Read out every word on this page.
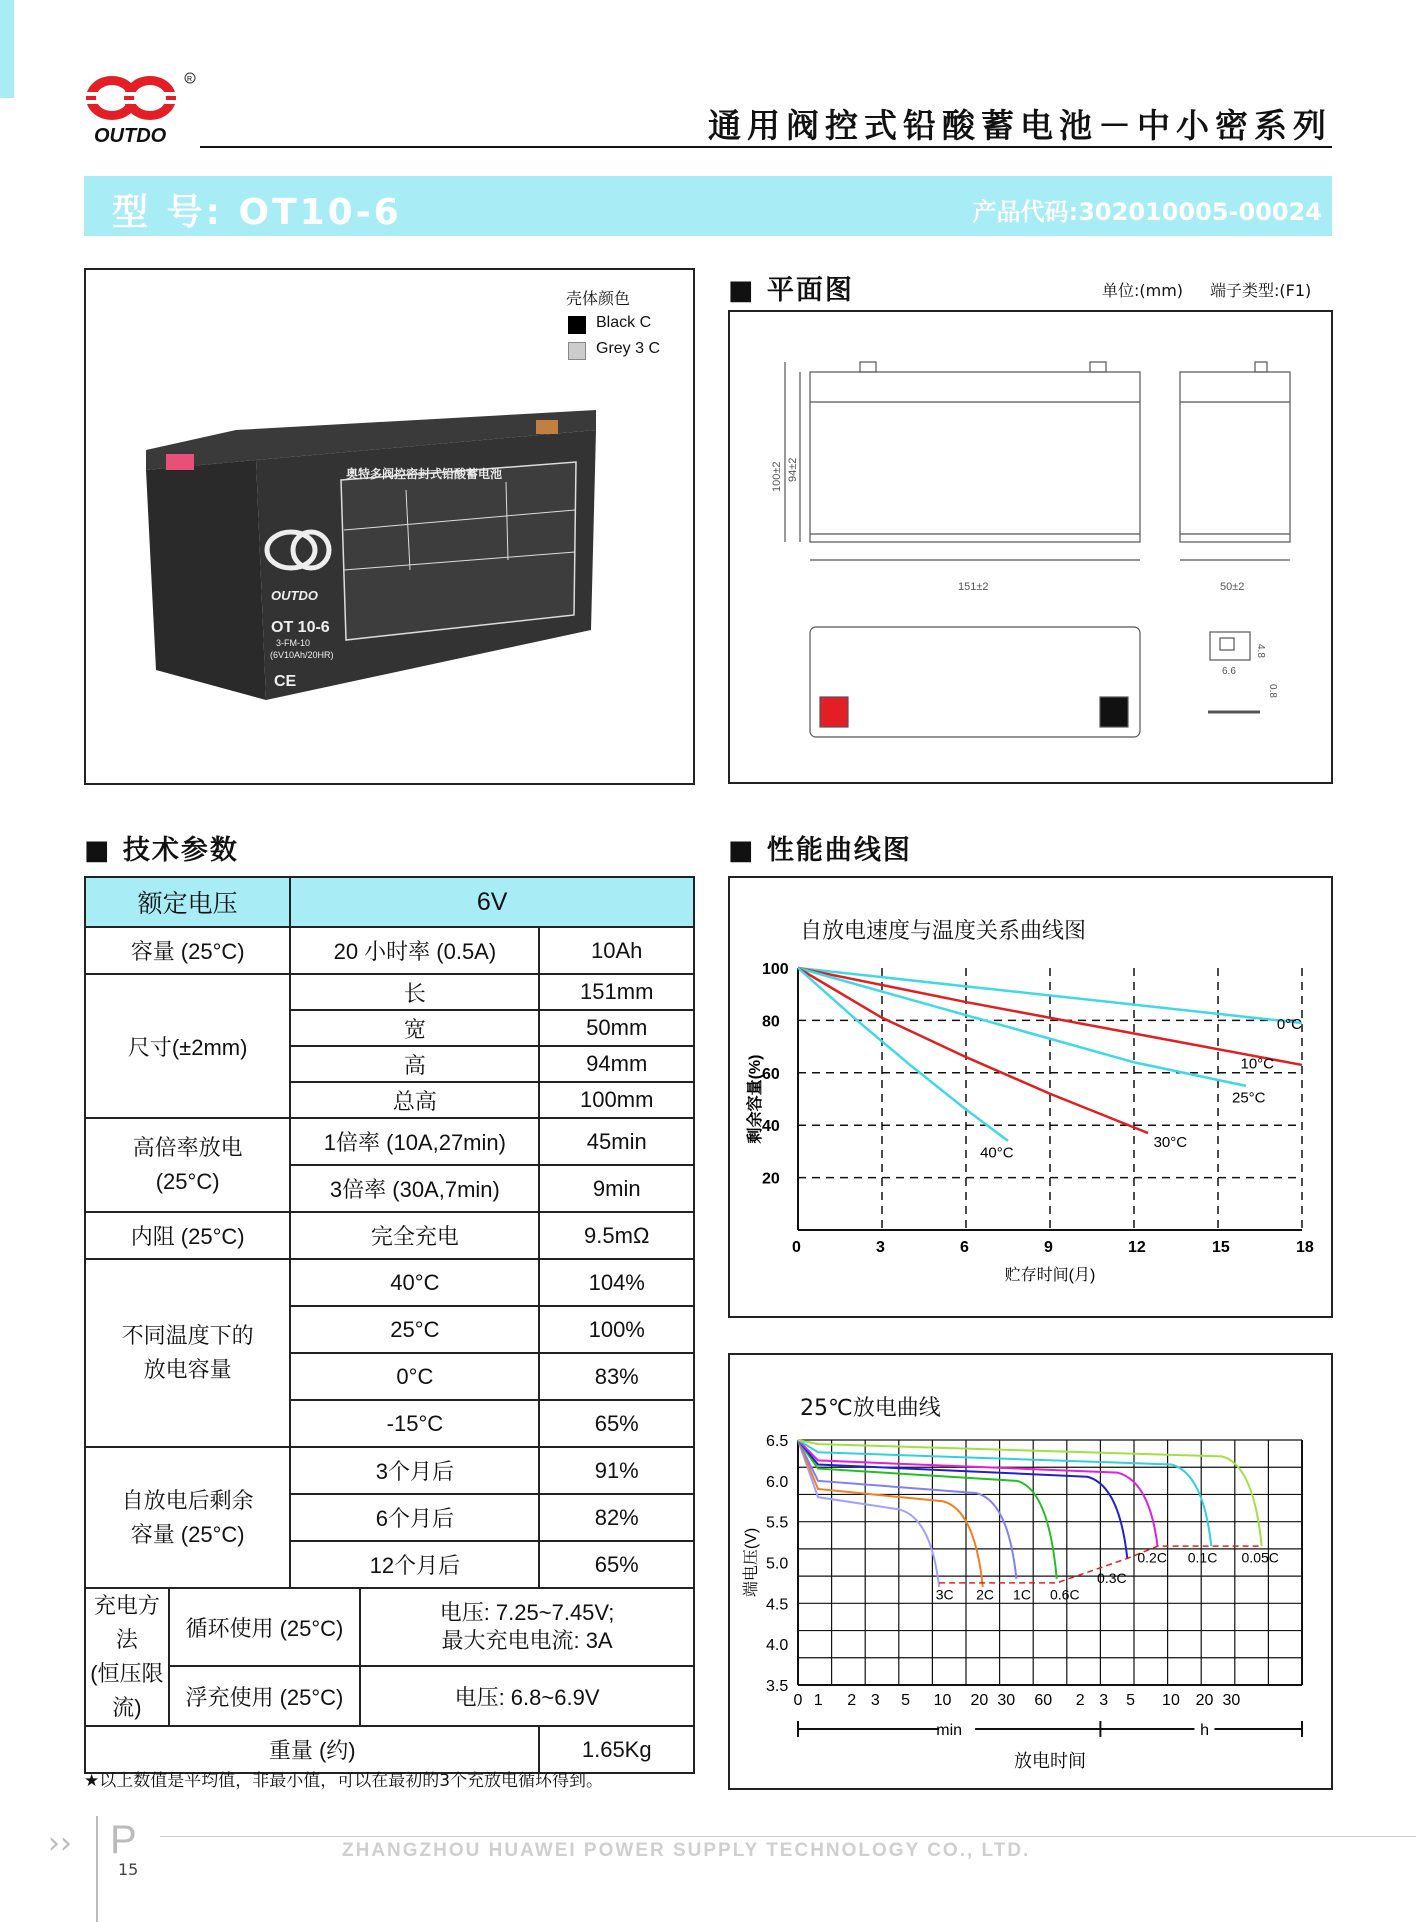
R
OUTDO	通用阀控式铅酸蓄电池－中小密系列
型 号: OT10-6	产品代码:302010005-00024
壳体颜色
Black C
Grey 3 C
奥特多阀控密封式铅酸蓄电池
OUTDO
OT 10-6
3-FM-10
(6V10Ah/20HR)
CE
■ 平面图	单位:(mm) 端子类型:(F1)
100±2 94±2
151±2	50±2
6.6
4.8
0.8
■ 技术参数
额定电压		6V		
容量 (25°C)		20 小时率 (0.5A)		10Ah
尺寸(±2mm)		长		151mm
		宽		50mm
		高		94mm
		总高		100mm
高倍率放电
(25°C)		1倍率 (10A,27min)		45min
		3倍率 (30A,7min)		9min
内阻 (25°C)		完全充电		9.5mΩ
不同温度下的
放电容量		40°C		104%
		25°C		100%
		0°C		83%
		-15°C		65%
自放电后剩余
容量 (25°C)		3个月后		91%
		6个月后		82%
		12个月后		65%
充电方法
(恒压限流)	循环使用 (25°C)		电压: 7.25~7.45V;
最大充电电流: 3A	
	浮充使用 (25°C)		电压: 6.8~6.9V	
重量 (约)				1.65Kg
★以上数值是平均值，非最小值，可以在最初的3个充放电循环得到。
■ 性能曲线图
自放电速度与温度关系曲线图
0	3	6	9	12	15	18
20
40
60
80
100
0°C
10°C
25°C
30°C
40°C
贮存时间(月)
剩余容量(%)
25℃放电曲线
3.5
4.0
4.5
5.0
5.5
6.0
6.5
0 1 2 3 5 10 20 30 60 2 3 5 10 20 30
3C 2C 1C 0.6C
0.3C
0.2C 0.1C 0.05C
min	h
放电时间
端电压(V)
›› P
15
ZHANGZHOU HUAWEI POWER SUPPLY TECHNOLOGY CO., LTD.
